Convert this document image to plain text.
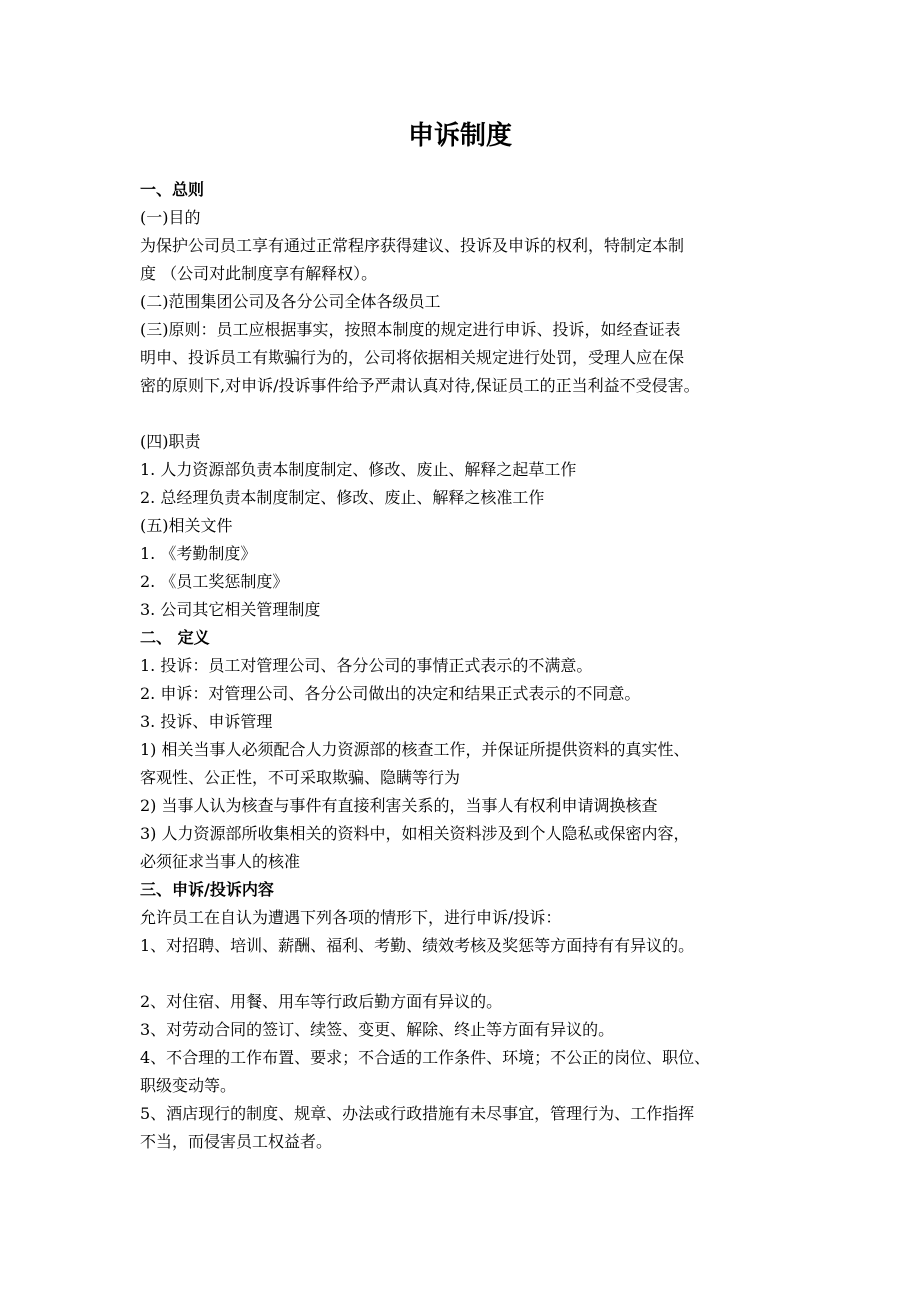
申诉制度

一、总则

(一)目的

为保护公司员工享有通过正常程序获得建议、投诉及申诉的权利，特制定本制

度 （公司对此制度享有解释权）。

(二)范围集团公司及各分公司全体各级员工

(三)原则：员工应根据事实，按照本制度的规定进行申诉、投诉，如经查证表

明申、投诉员工有欺骗行为的，公司将依据相关规定进行处罚，受理人应在保

密的原则下,对申诉/投诉事件给予严肃认真对待,保证员工的正当利益不受侵害。

(四)职责

1. 人力资源部负责本制度制定、修改、废止、解释之起草工作

2. 总经理负责本制度制定、修改、废止、解释之核准工作

(五)相关文件

1. 《考勤制度》

2. 《员工奖惩制度》

3. 公司其它相关管理制度

二、 定义

1. 投诉：员工对管理公司、各分公司的事情正式表示的不满意。

2. 申诉：对管理公司、各分公司做出的决定和结果正式表示的不同意。

3. 投诉、申诉管理

1) 相关当事人必须配合人力资源部的核查工作，并保证所提供资料的真实性、

客观性、公正性，不可采取欺骗、隐瞒等行为

2) 当事人认为核查与事件有直接利害关系的，当事人有权利申请调换核查

3) 人力资源部所收集相关的资料中，如相关资料涉及到个人隐私或保密内容，

必须征求当事人的核准

三、申诉/投诉内容

允许员工在自认为遭遇下列各项的情形下，进行申诉/投诉：

1、对招聘、培训、薪酬、福利、考勤、绩效考核及奖惩等方面持有有异议的。

2、对住宿、用餐、用车等行政后勤方面有异议的。

3、对劳动合同的签订、续签、变更、解除、终止等方面有异议的。

4、不合理的工作布置、要求；不合适的工作条件、环境；不公正的岗位、职位、

职级变动等。

5、酒店现行的制度、规章、办法或行政措施有未尽事宜，管理行为、工作指挥

不当，而侵害员工权益者。
